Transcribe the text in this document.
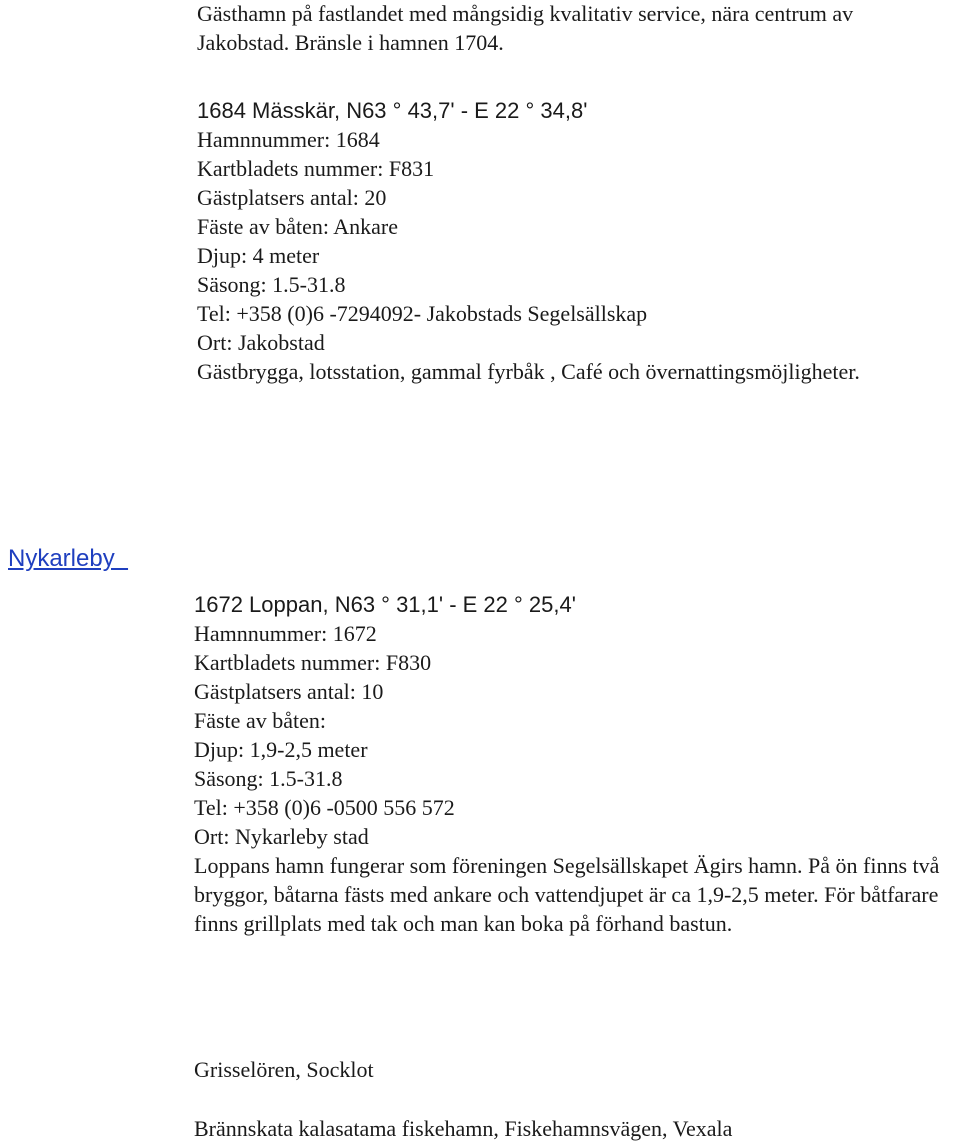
Gästhamn på fastlandet med mångsidig kvalitativ service, nära centrum av
Jakobstad. Bränsle i hamnen 1704.
1684 Mässkär, N63 ° 43,7' - E 22 ° 34,8'
Hamnnummer: 1684
Kartbladets nummer: F831
Gästplatsers antal: 20
Fäste av båten: Ankare
Djup: 4 meter
Säsong: 1.5-31.8
Tel: +358 (0)6 -7294092- Jakobstads Segelsällskap
Ort: Jakobstad
Gästbrygga, lotsstation, gammal fyrbåk , Café och övernattingsmöjligheter.
Nykarleby
1672 Loppan, N63 ° 31,1' - E 22 ° 25,4'
Hamnnummer: 1672
Kartbladets nummer: F830
Gästplatsers antal: 10
Fäste av båten:
Djup: 1,9-2,5 meter
Säsong: 1.5-31.8
Tel: +358 (0)6 -0500 556 572
Ort: Nykarleby stad
Loppans hamn fungerar som föreningen Segelsällskapet Ägirs hamn. På ön finns två bryggor, båtarna fästs med ankare och vattendjupet är ca 1,9-2,5 meter. För båtfarare finns grillplats med tak och man kan boka på förhand bastun.
Grisselören, Socklot
Brännskata kalasatama fiskehamn, Fiskehamnsvägen, Vexala
